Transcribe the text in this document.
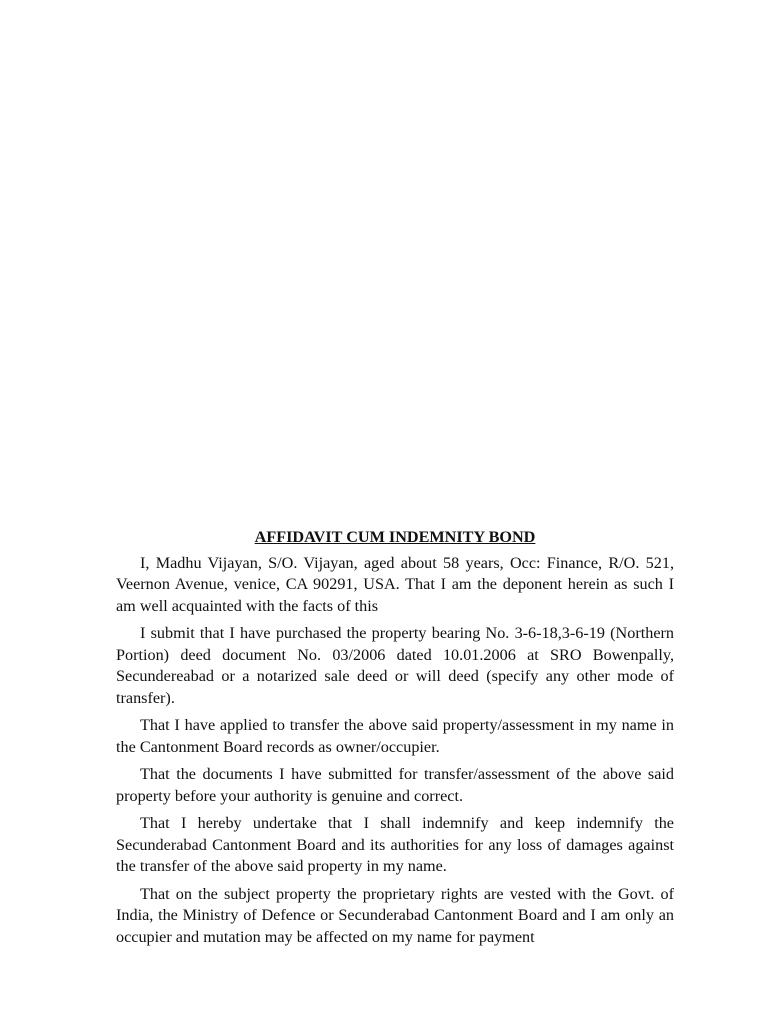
AFFIDAVIT CUM INDEMNITY BOND

I, Madhu Vijayan, S/O. Vijayan, aged about 58 years, Occ: Finance, R/O. 521, Veernon Avenue, venice, CA 90291, USA. That I am the deponent herein as such I am well acquainted with the facts of this

I submit that I have purchased the property bearing No. 3-6-18,3-6-19 (Northern Portion) deed document No. 03/2006 dated 10.01.2006 at SRO Bowenpally, Secundereabad or a notarized sale deed or will deed (specify any other mode of transfer).

That I have applied to transfer the above said property/assessment in my name in the Cantonment Board records as owner/occupier.

That the documents I have submitted for transfer/assessment of the above said property before your authority is genuine and correct.

That I hereby undertake that I shall indemnify and keep indemnify the Secunderabad Cantonment Board and its authorities for any loss of damages against the transfer of the above said property in my name.

That on the subject property the proprietary rights are vested with the Govt. of India, the Ministry of Defence or Secunderabad Cantonment Board and I am only an occupier and mutation may be affected on my name for payment
